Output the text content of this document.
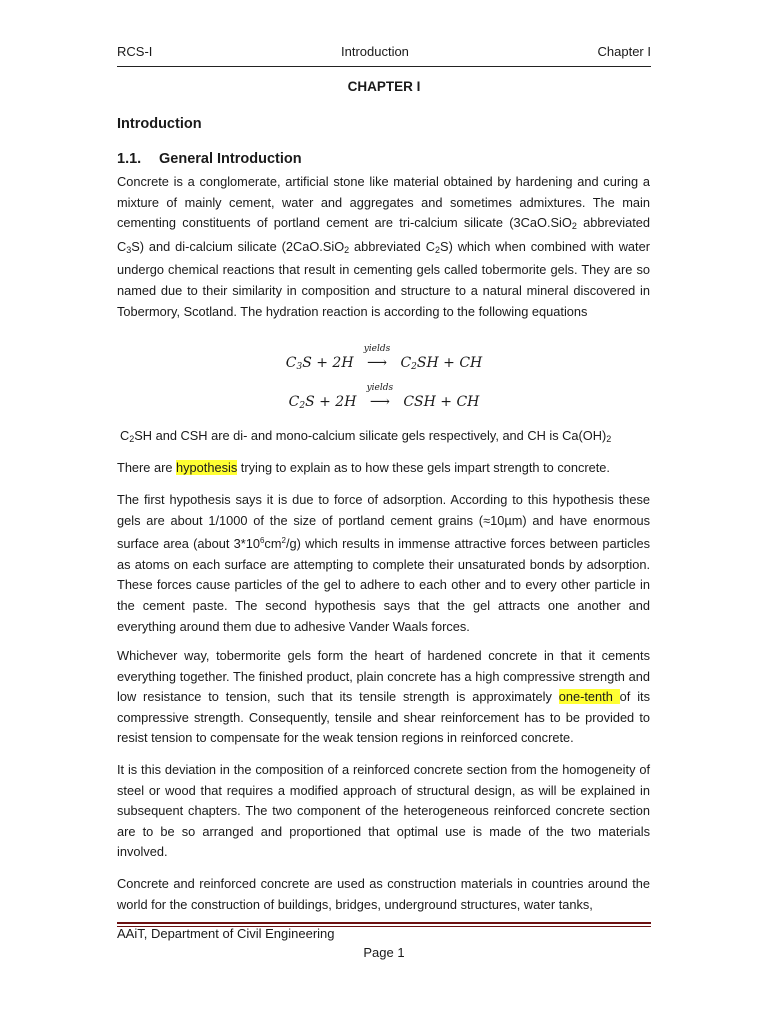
RCS-I	Introduction	Chapter I
CHAPTER I
Introduction
1.1. General Introduction

Concrete is a conglomerate, artificial stone like material obtained by hardening and curing a mixture of mainly cement, water and aggregates and sometimes admixtures. The main cementing constituents of portland cement are tri-calcium silicate (3CaO.SiO$_2$ abbreviated $C_3S$) and di-calcium silicate (2CaO.SiO$_2$ abbreviated $C_2S$) which when combined with water undergo chemical reactions that result in cementing gels called tobermorite gels. They are so named due to their similarity in composition and structure to a natural mineral discovered in Tobermory, Scotland. The hydration reaction is according to the following equations

$C_3S + 2H$
yields
⟶ $C_2SH$ + CH
$C_2S + 2H$
yields
⟶ CSH + CH

$C_2SH$ and CSH are di- and mono-calcium silicate gels respectively, and CH is $Ca(OH)_2$

There are hypothesis trying to explain as to how these gels impart strength to concrete.

The first hypothesis says it is due to force of adsorption. According to this hypothesis these gels are about 1/1000 of the size of portland cement grains (≈10µm) and have enormous surface area (about $3*10^6cm^2/g$) which results in immense attractive forces between particles as atoms on each surface are attempting to complete their unsaturated bonds by adsorption. These forces cause particles of the gel to adhere to each other and to every other particle in the cement paste. The second hypothesis says that the gel attracts one another and everything around them due to adhesive Vander Waals forces.

Whichever way, tobermorite gels form the heart of hardened concrete in that it cements everything together. The finished product, plain concrete has a high compressive strength and low resistance to tension, such that its tensile strength is approximately one-tenth of its compressive strength. Consequently, tensile and shear reinforcement has to be provided to resist tension to compensate for the weak tension regions in reinforced concrete.

It is this deviation in the composition of a reinforced concrete section from the homogeneity of steel or wood that requires a modified approach of structural design, as will be explained in subsequent chapters. The two component of the heterogeneous reinforced concrete section are to be so arranged and proportioned that optimal use is made of the two materials involved.

Concrete and reinforced concrete are used as construction materials in countries around the world for the construction of buildings, bridges, underground structures, water tanks,

AAiT, Department of Civil Engineering
Page 1
